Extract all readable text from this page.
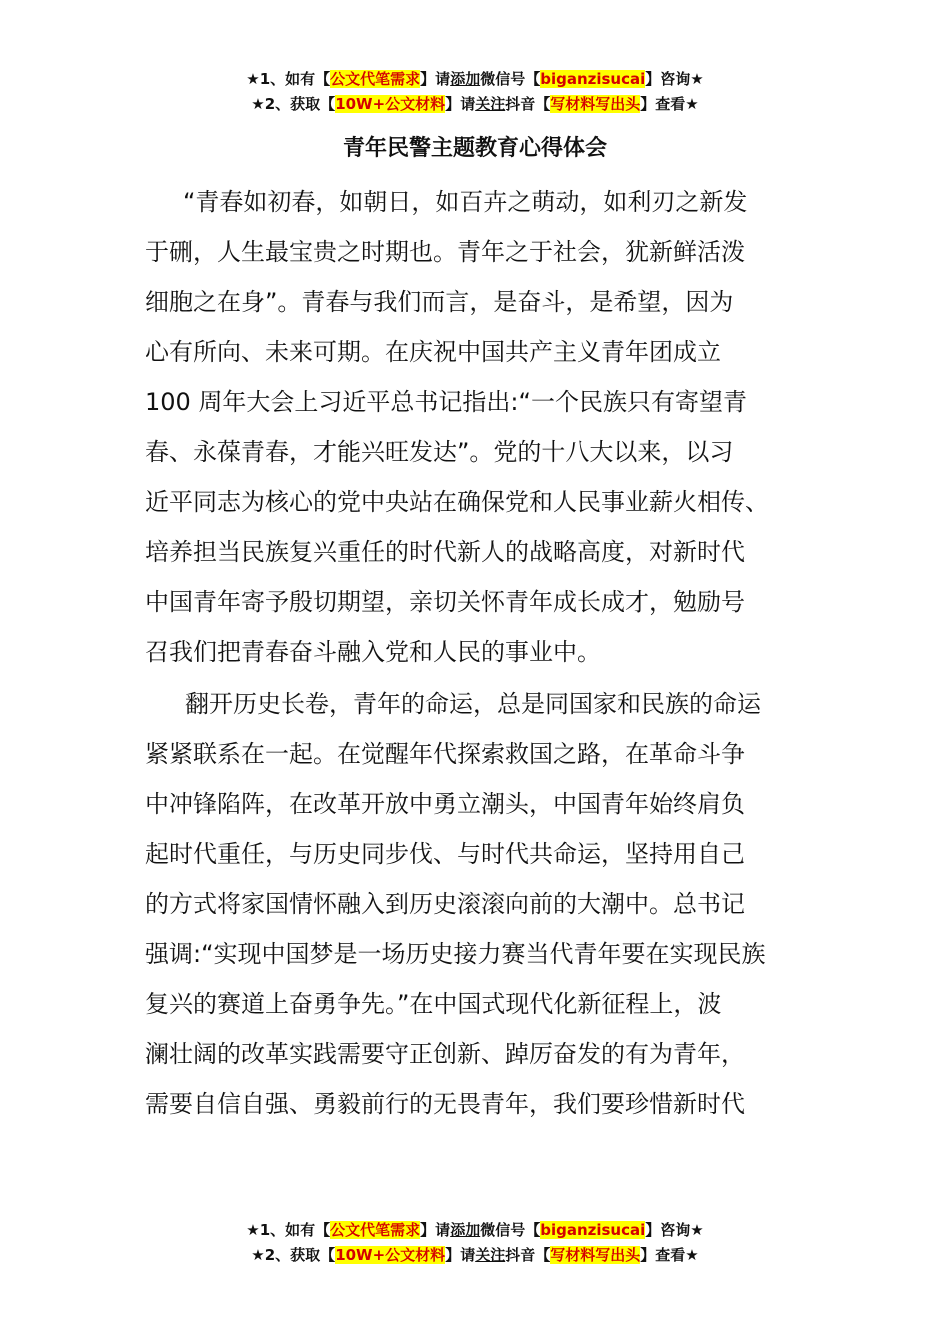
★1、如有【公文代笔需求】请添加微信号【biganzisucai】咨询★
★2、获取【10W+公文材料】请关注抖音【写材料写出头】查看★
青年民警主题教育心得体会
“青春如初春，如朝日，如百卉之萌动，如利刃之新发
于硎，人生最宝贵之时期也。青年之于社会，犹新鲜活泼
细胞之在身”。青春与我们而言，是奋斗，是希望，因为
心有所向、未来可期。在庆祝中国共产主义青年团成立
100 周年大会上习近平总书记指出:“一个民族只有寄望青
春、永葆青春，才能兴旺发达”。党的十八大以来，以习
近平同志为核心的党中央站在确保党和人民事业薪火相传、
培养担当民族复兴重任的时代新人的战略高度，对新时代
中国青年寄予殷切期望，亲切关怀青年成长成才，勉励号
召我们把青春奋斗融入党和人民的事业中。
翻开历史长卷，青年的命运，总是同国家和民族的命运
紧紧联系在一起。在觉醒年代探索救国之路，在革命斗争
中冲锋陷阵，在改革开放中勇立潮头，中国青年始终肩负
起时代重任，与历史同步伐、与时代共命运，坚持用自己
的方式将家国情怀融入到历史滚滚向前的大潮中。总书记
强调:“实现中国梦是一场历史接力赛当代青年要在实现民族
复兴的赛道上奋勇争先。”在中国式现代化新征程上，波
澜壮阔的改革实践需要守正创新、踔厉奋发的有为青年，
需要自信自强、勇毅前行的无畏青年，我们要珍惜新时代
★1、如有【公文代笔需求】请添加微信号【biganzisucai】咨询★
★2、获取【10W+公文材料】请关注抖音【写材料写出头】查看★
